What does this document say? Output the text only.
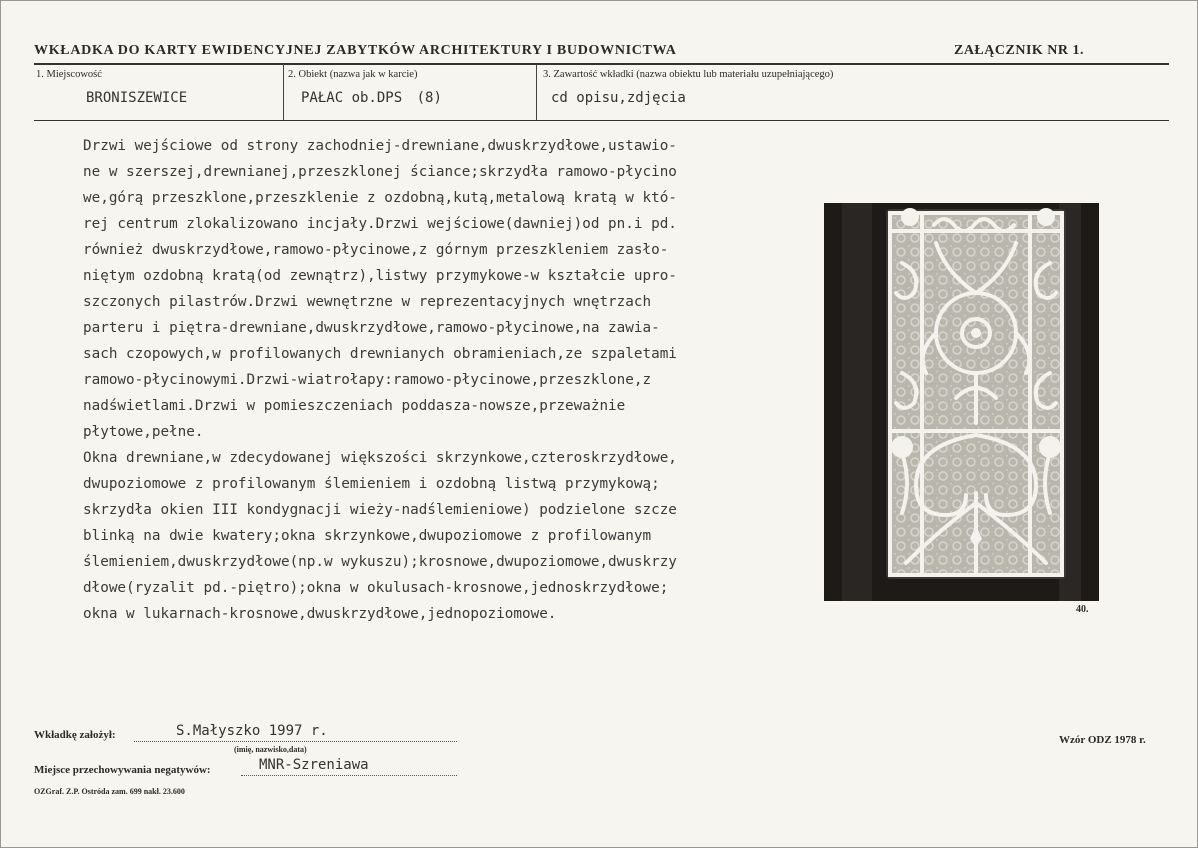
WKŁADKA DO KARTY EWIDENCYJNEJ ZABYTKÓW ARCHITEKTURY I BUDOWNICTWA	ZAŁĄCZNIK NR 1.
1. Miejscowość
BRONISZEWICE
2. Obiekt (nazwa jak w karcie)
PAŁAC ob.DPS (8)
3. Zawartość wkładki (nazwa obiektu lub materiału uzupełniającego)
cd opisu,zdjęcia

Drzwi wejściowe od strony zachodniej-drewniane,dwuskrzydłowe,ustawio-

ne w szerszej,drewnianej,przeszklonej ściance;skrzydła ramowo-płycino

we,górą przeszklone,przeszklenie z ozdobną,kutą,metalową kratą w któ-

rej centrum zlokalizowano incjały.Drzwi wejściowe(dawniej)od pn.i pd.

również dwuskrzydłowe,ramowo-płycinowe,z górnym przeszkleniem zasło-

niętym ozdobną kratą(od zewnątrz),listwy przymykowe-w kształcie upro-

szczonych pilastrów.Drzwi wewnętrzne w reprezentacyjnych wnętrzach

parteru i piętra-drewniane,dwuskrzydłowe,ramowo-płycinowe,na zawia-

sach czopowych,w profilowanych drewnianych obramieniach,ze szpaletami

ramowo-płycinowymi.Drzwi-wiatrołapy:ramowo-płycinowe,przeszklone,z

nadświetlami.Drzwi w pomieszczeniach poddasza-nowsze,przeważnie

płytowe,pełne.

Okna drewniane,w zdecydowanej większości skrzynkowe,czteroskrzydłowe,

dwupoziomowe z profilowanym ślemieniem i ozdobną listwą przymykową;

skrzydła okien III kondygnacji wieży-nadślemieniowe) podzielone szcze

blinką na dwie kwatery;okna skrzynkowe,dwupoziomowe z profilowanym

ślemieniem,dwuskrzydłowe(np.w wykuszu);krosnowe,dwupoziomowe,dwuskrzy

dłowe(ryzalit pd.-piętro);okna w okulusach-krosnowe,jednoskrzydłowe;

okna w lukarnach-krosnowe,dwuskrzydłowe,jednopoziomowe.	40.
Wkładkę założył:	S.Małyszko 1997 r.
(imię, nazwisko,data)
Miejsce przechowywania negatywów:	MNR-Szreniawa
OZGraf. Z.P. Ostróda zam. 699 nakł. 23.600
Wzór ODZ 1978 r.
